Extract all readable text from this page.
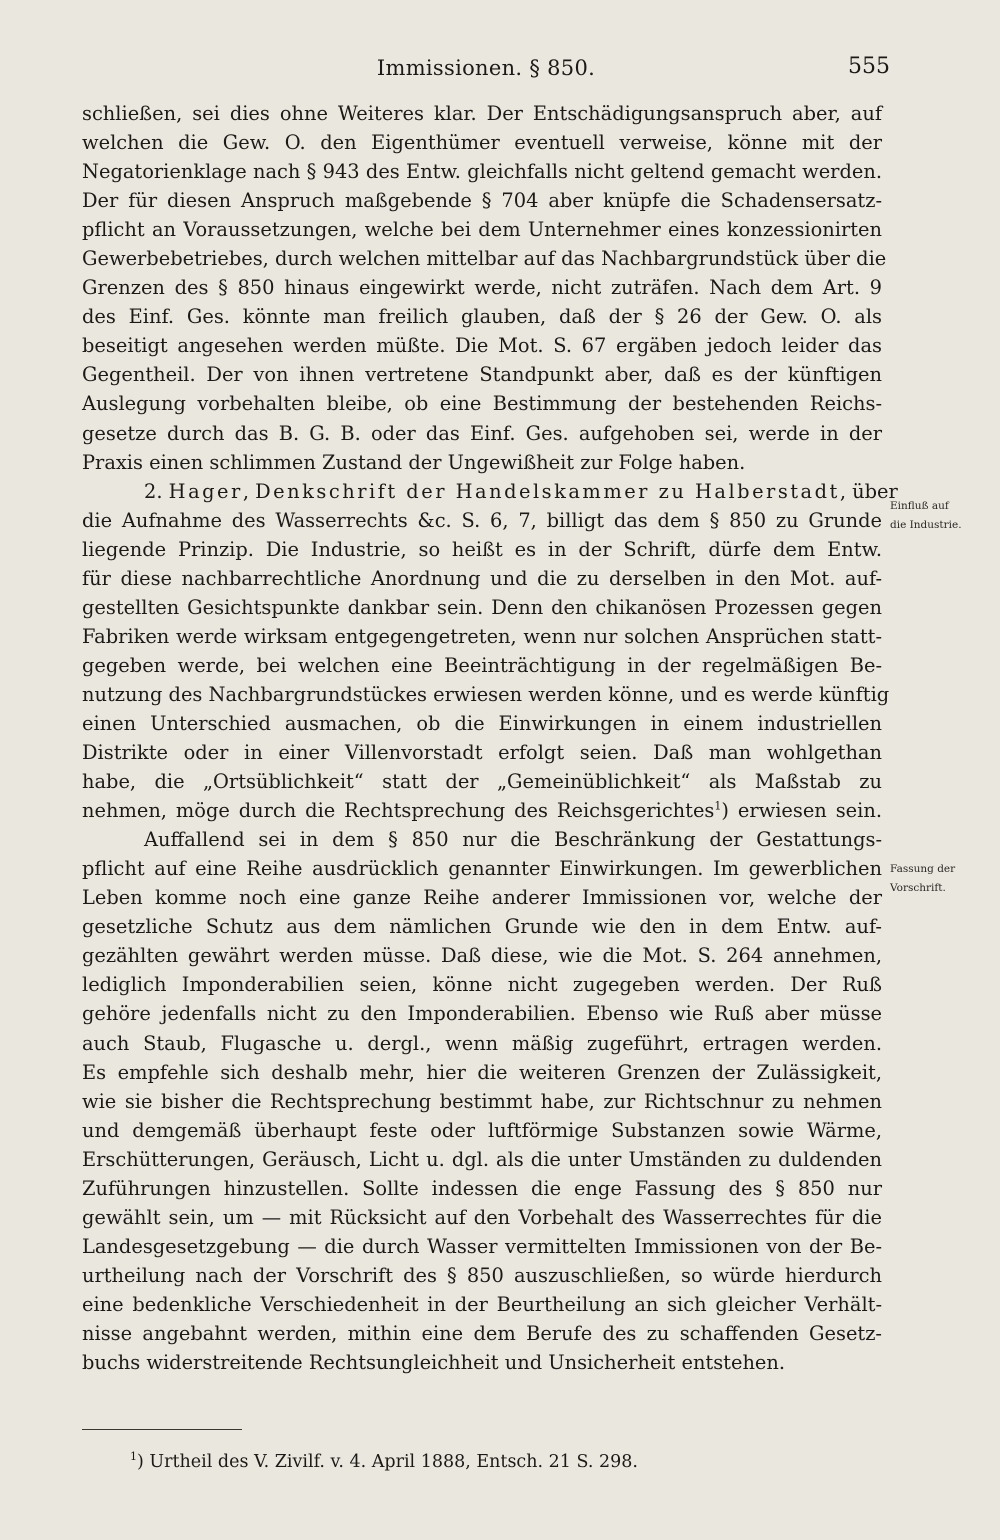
Immissionen. § 850.	555
schließen, sei dies ohne Weiteres klar. Der Entschädigungsanspruch aber, auf
welchen die Gew. O. den Eigenthümer eventuell verweise, könne mit der
Negatorienklage nach § 943 des Entw. gleichfalls nicht geltend gemacht werden.
Der für diesen Anspruch maßgebende § 704 aber knüpfe die Schadensersatz-
pflicht an Voraussetzungen, welche bei dem Unternehmer eines konzessionirten
Gewerbebetriebes, durch welchen mittelbar auf das Nachbargrundstück über die
Grenzen des § 850 hinaus eingewirkt werde, nicht zuträfen. Nach dem Art. 9
des Einf. Ges. könnte man freilich glauben, daß der § 26 der Gew. O. als
beseitigt angesehen werden müßte. Die Mot. S. 67 ergäben jedoch leider das
Gegentheil. Der von ihnen vertretene Standpunkt aber, daß es der künftigen
Auslegung vorbehalten bleibe, ob eine Bestimmung der bestehenden Reichs-
gesetze durch das B. G. B. oder das Einf. Ges. aufgehoben sei, werde in der
Praxis einen schlimmen Zustand der Ungewißheit zur Folge haben.
2. Hager, Denkschrift der Handelskammer zu Halberstadt, über
die Aufnahme des Wasserrechts &c. S. 6, 7, billigt das dem § 850 zu Grunde
liegende Prinzip. Die Industrie, so heißt es in der Schrift, dürfe dem Entw.
für diese nachbarrechtliche Anordnung und die zu derselben in den Mot. auf-
gestellten Gesichtspunkte dankbar sein. Denn den chikanösen Prozessen gegen
Fabriken werde wirksam entgegengetreten, wenn nur solchen Ansprüchen statt-
gegeben werde, bei welchen eine Beeinträchtigung in der regelmäßigen Be-
nutzung des Nachbargrundstückes erwiesen werden könne, und es werde künftig
einen Unterschied ausmachen, ob die Einwirkungen in einem industriellen
Distrikte oder in einer Villenvorstadt erfolgt seien. Daß man wohlgethan
habe, die „Ortsüblichkeit“ statt der „Gemeinüblichkeit“ als Maßstab zu
nehmen, möge durch die Rechtsprechung des Reichsgerichtes$^1$) erwiesen sein.
Auffallend sei in dem § 850 nur die Beschränkung der Gestattungs-
pflicht auf eine Reihe ausdrücklich genannter Einwirkungen. Im gewerblichen
Leben komme noch eine ganze Reihe anderer Immissionen vor, welche der
gesetzliche Schutz aus dem nämlichen Grunde wie den in dem Entw. auf-
gezählten gewährt werden müsse. Daß diese, wie die Mot. S. 264 annehmen,
lediglich Imponderabilien seien, könne nicht zugegeben werden. Der Ruß
gehöre jedenfalls nicht zu den Imponderabilien. Ebenso wie Ruß aber müsse
auch Staub, Flugasche u. dergl., wenn mäßig zugeführt, ertragen werden.
Es empfehle sich deshalb mehr, hier die weiteren Grenzen der Zulässigkeit,
wie sie bisher die Rechtsprechung bestimmt habe, zur Richtschnur zu nehmen
und demgemäß überhaupt feste oder luftförmige Substanzen sowie Wärme,
Erschütterungen, Geräusch, Licht u. dgl. als die unter Umständen zu duldenden
Zuführungen hinzustellen. Sollte indessen die enge Fassung des § 850 nur
gewählt sein, um — mit Rücksicht auf den Vorbehalt des Wasserrechtes für die
Landesgesetzgebung — die durch Wasser vermittelten Immissionen von der Be-
urtheilung nach der Vorschrift des § 850 auszuschließen, so würde hierdurch
eine bedenkliche Verschiedenheit in der Beurtheilung an sich gleicher Verhält-
nisse angebahnt werden, mithin eine dem Berufe des zu schaffenden Gesetz-
buchs widerstreitende Rechtsungleichheit und Unsicherheit entstehen.
Einfluß auf
die Industrie.
Fassung der
Vorschrift.
$^1$) Urtheil des V. Zivilf. v. 4. April 1888, Entsch. 21 S. 298.
